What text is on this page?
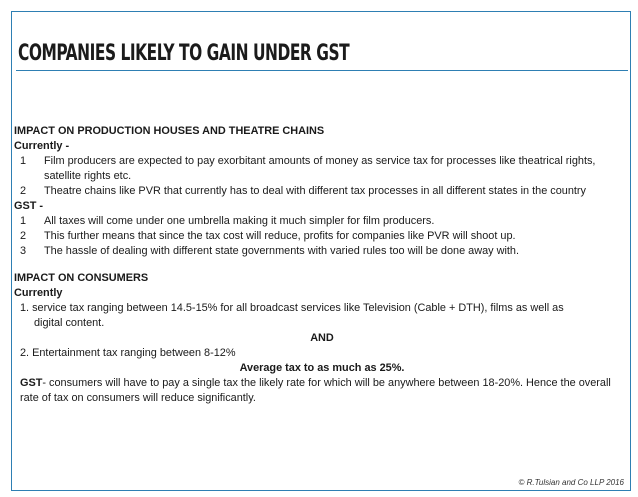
COMPANIES LIKELY TO GAIN UNDER GST
IMPACT ON PRODUCTION HOUSES AND THEATRE CHAINS
Currently -
1	Film producers are expected to pay exorbitant amounts of money as service tax for processes like theatrical rights, satellite rights etc.
2	Theatre chains like PVR that currently has to deal with different tax processes in all different states in the country
GST -
1	All taxes will come under one umbrella making it much simpler for film producers.
2	This further means that since the tax cost will reduce, profits for companies like PVR will shoot up.
3	The hassle of dealing with different state governments with varied rules too will be done away with.
IMPACT ON CONSUMERS
Currently
1. service tax ranging between 14.5-15% for all broadcast services like Television (Cable + DTH), films as well as
digital content.
AND
2. Entertainment tax ranging between 8-12%
Average tax to as much as 25%.
GST- consumers will have to pay a single tax the likely rate for which will be anywhere between 18-20%. Hence the overall rate of tax on consumers will reduce significantly.
© R.Tulsian and Co LLP 2016
